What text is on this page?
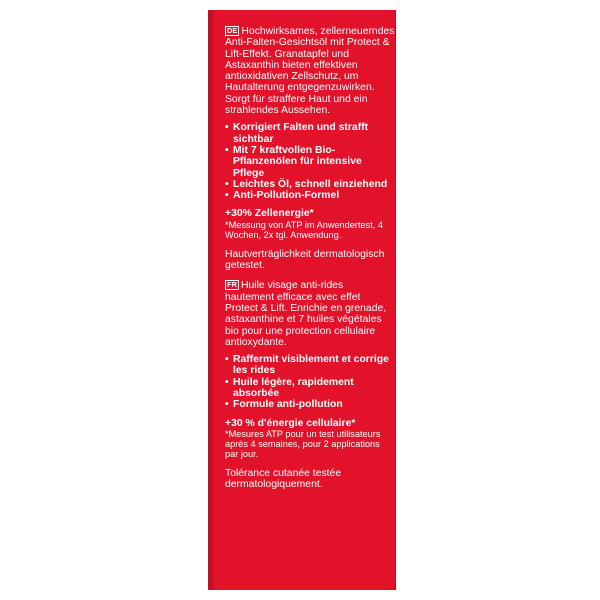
DE Hochwirksames, zellerneuerndes Anti-Falten-Gesichtsöl mit Protect & Lift-Effekt. Granatapfel und Astaxanthin bieten effektiven antioxidativen Zellschutz, um Hautalterung entgegenzuwirken. Sorgt für straffere Haut und ein strahlendes Aussehen.

• Korrigiert Falten und strafft sichtbar
• Mit 7 kraftvollen Bio-Pflanzenölen für intensive Pflege
• Leichtes Öl, schnell einziehend
• Anti-Pollution-Formel

+30% Zellenergie*

*Messung von ATP im Anwendertest, 4 Wochen, 2x tgl. Anwendung.

Hautverträglichkeit dermatologisch getestet.

FR Huile visage anti-rides hautement efficace avec effet Protect & Lift. Enrichie en grenade, astaxanthine et 7 huiles végétales bio pour une protection cellulaire antioxydante.

• Raffermit visiblement et corrige les rides
• Huile légère, rapidement absorbée
• Formule anti-pollution

+30 % d'énergie cellulaire*

*Mesures ATP pour un test utilisateurs après 4 semaines, pour 2 applications par jour.

Tolérance cutanée testée dermatologiquement.
